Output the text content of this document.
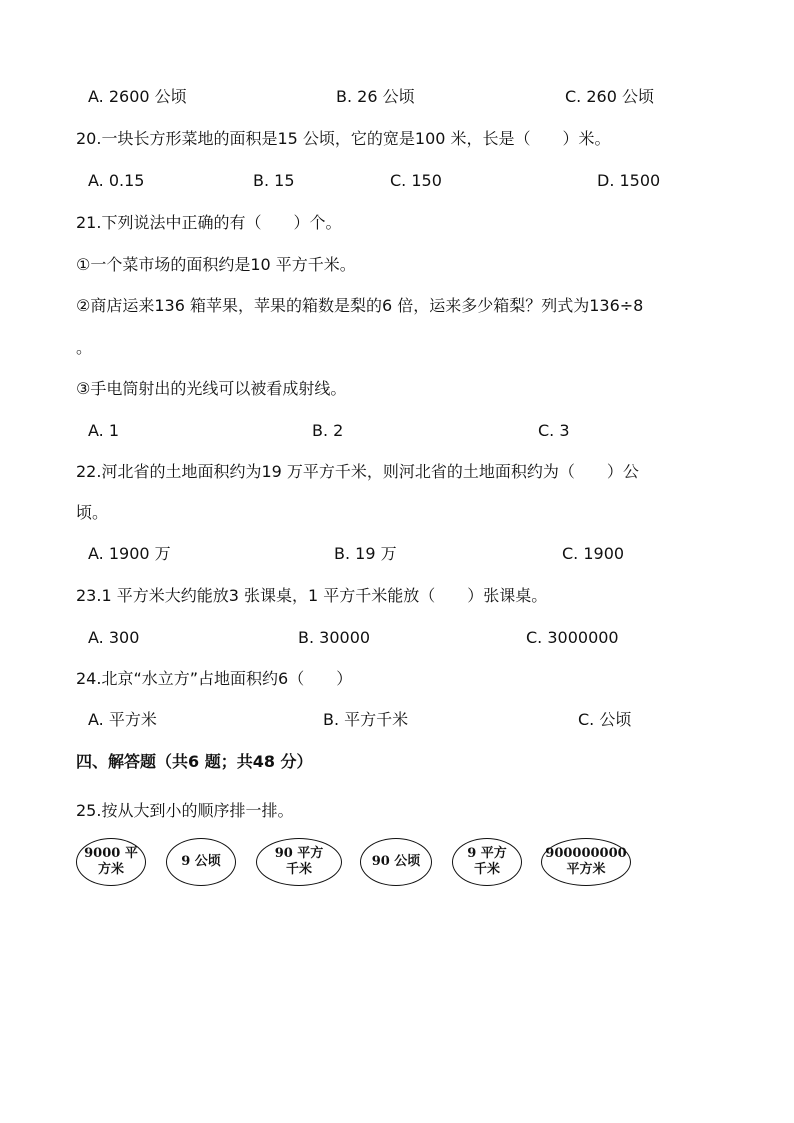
A. 2600 公顷	B. 26 公顷	C. 260 公顷
20.一块长方形菜地的面积是15 公顷，它的宽是100 米，长是（　　）米。
A. 0.15	B. 15	C. 150	D. 1500
21.下列说法中正确的有（　　）个。
①一个菜市场的面积约是10 平方千米。
②商店运来136 箱苹果，苹果的箱数是梨的6 倍，运来多少箱梨？列式为136÷8
。
③手电筒射出的光线可以被看成射线。
A. 1	B. 2	C. 3
22.河北省的土地面积约为19 万平方千米，则河北省的土地面积约为（　　）公
顷。
A. 1900 万	B. 19 万	C. 1900
23.1 平方米大约能放3 张课桌，1 平方千米能放（　　）张课桌。
A. 300	B. 30000	C. 3000000
24.北京“水立方”占地面积约6（　　）
A. 平方米	B. 平方千米	C. 公顷
四、解答题（共6 题；共48 分）
25.按从大到小的顺序排一排。
9000 平
方米
9 公顷
90 平方
千米
90 公顷
9 平方
千米
900000000
平方米
